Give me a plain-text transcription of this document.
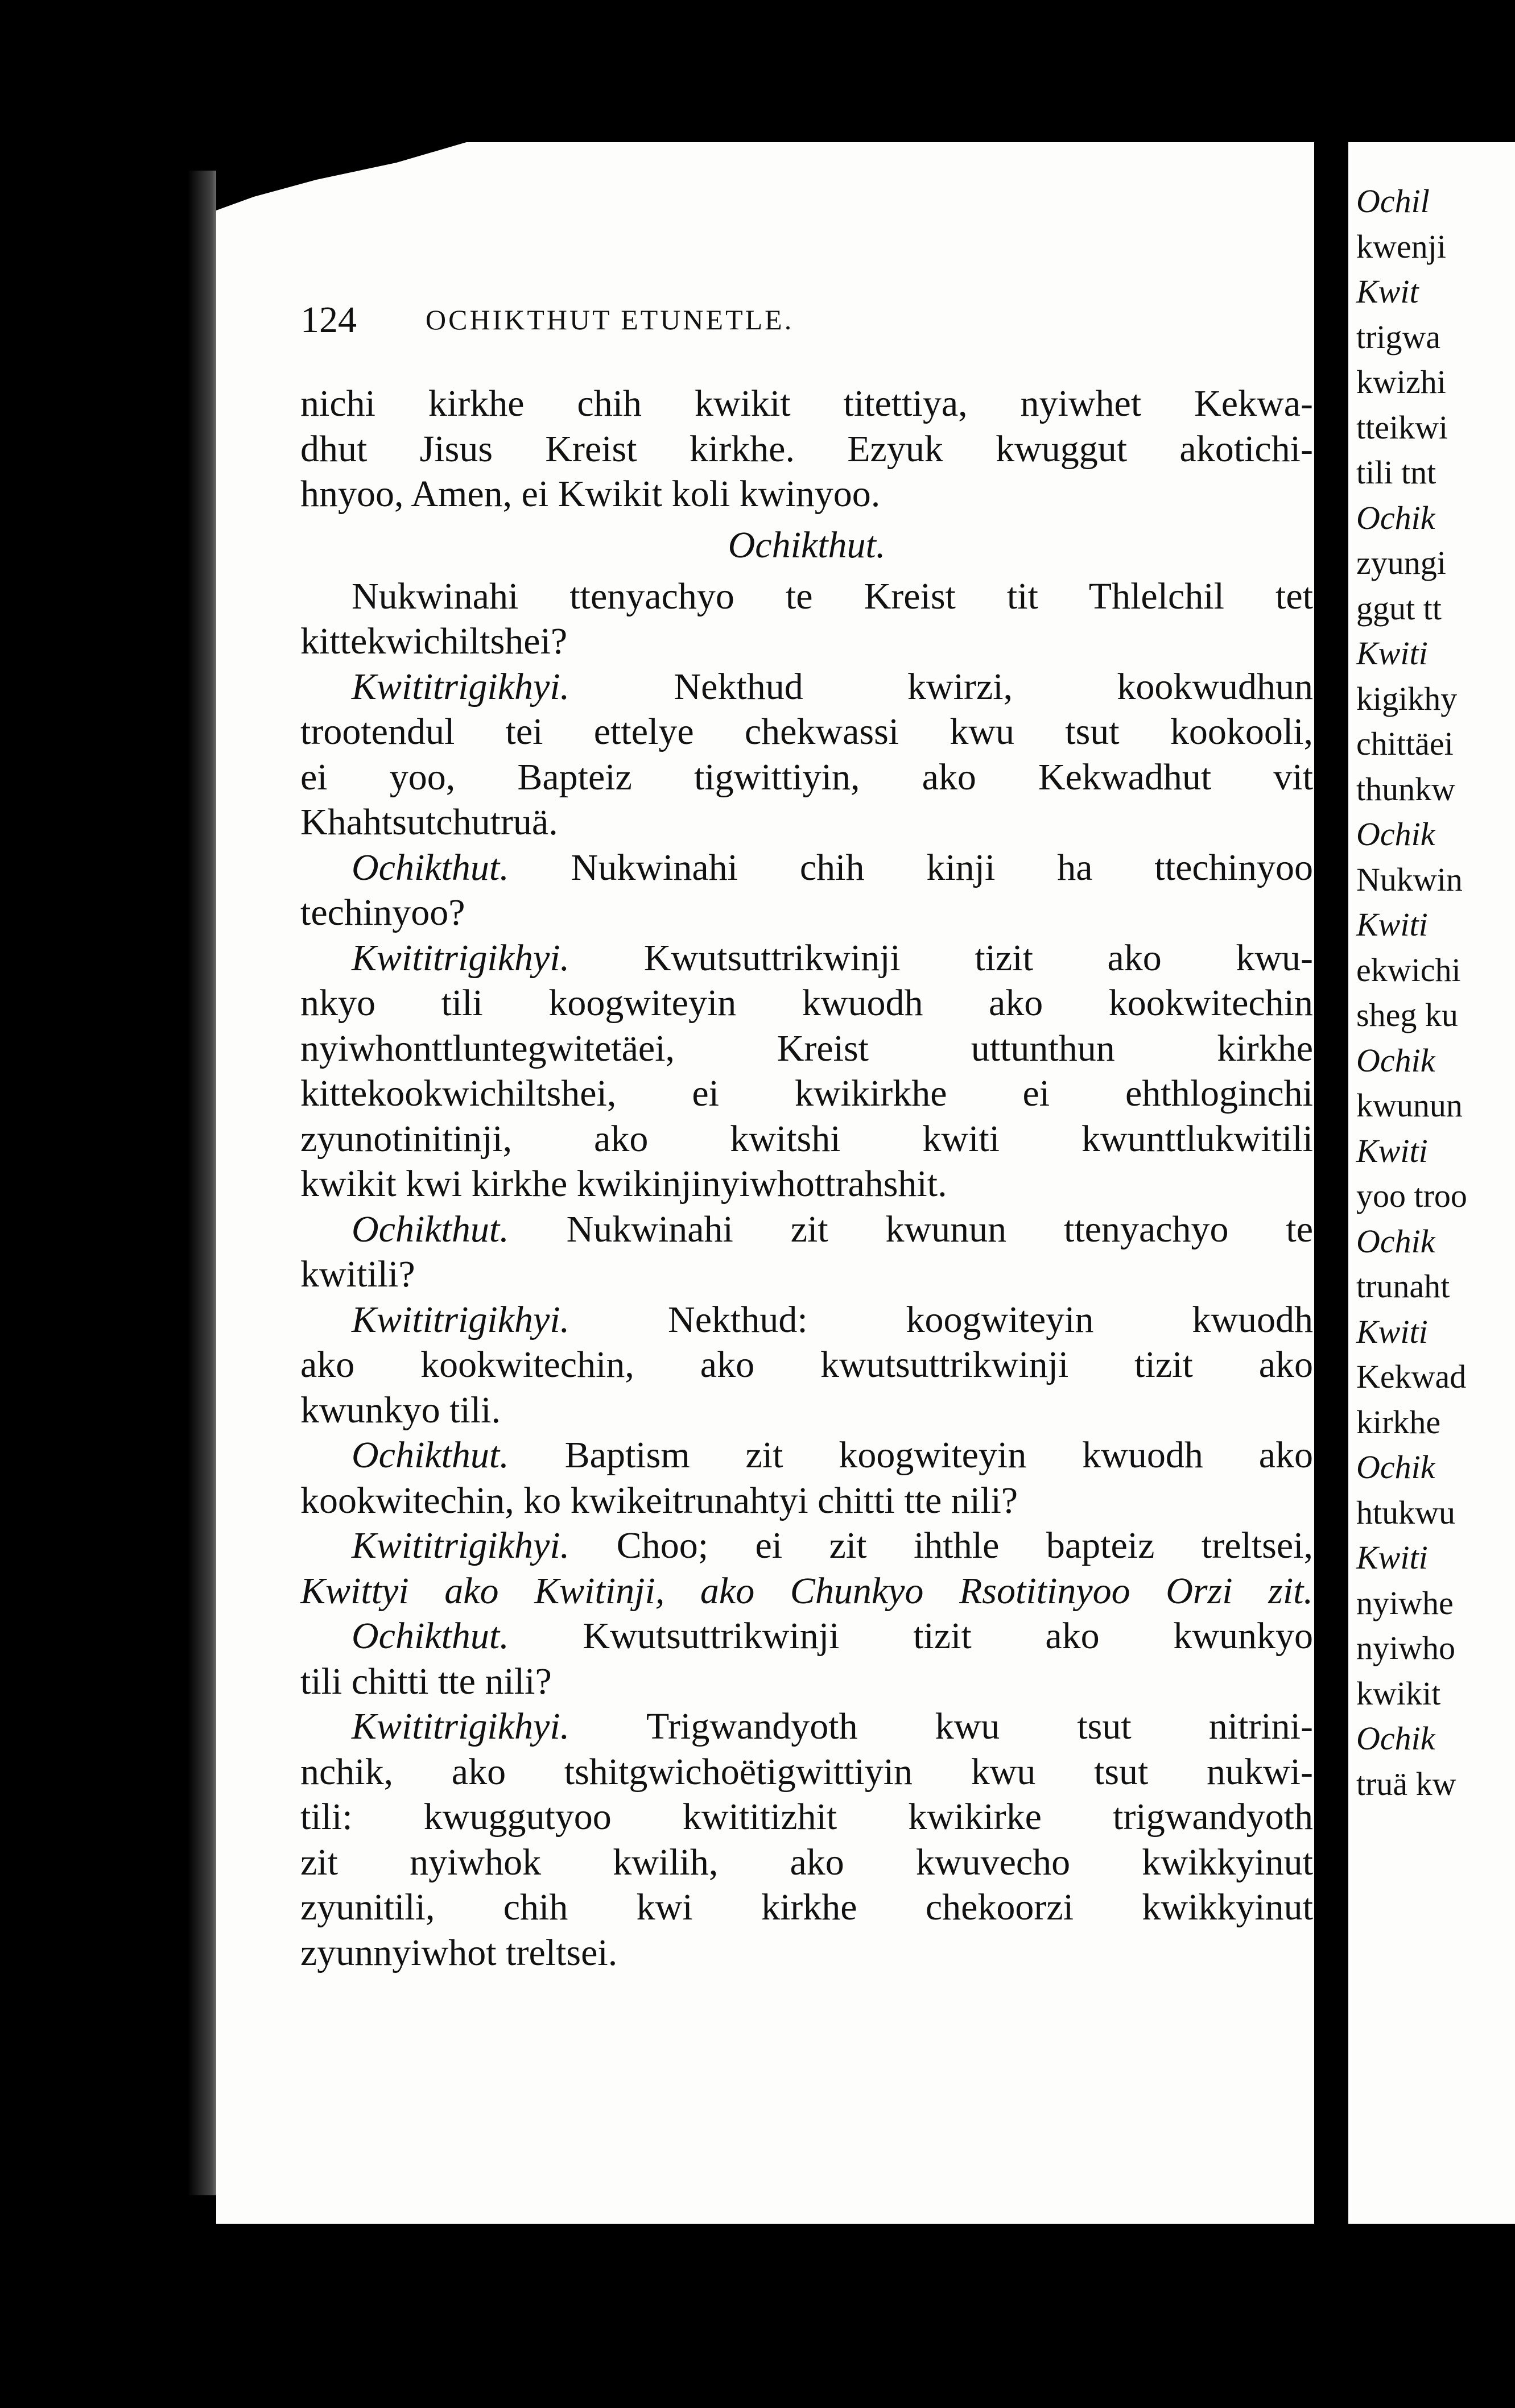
124 OCHIKTHUT ETUNETLE.
nichi kirkhe chih kwikit titettiya, nyiwhet Kekwa-
dhut Jisus Kreist kirkhe. Ezyuk kwuggut akotichi-
hnyoo, Amen, ei Kwikit koli kwinyoo.
Ochikthut.
Nukwinahi ttenyachyo te Kreist tit Thlelchil tet
kittekwichiltshei?
Kwititrigikhyi.	Nekthud kwirzi, kookwudhun
trootendul tei ettelye chekwassi kwu tsut kookooli,
ei yoo, Bapteiz tigwittiyin, ako Kekwadhut vit
Khahtsutchutruä.
Ochikthut. Nukwinahi chih kinji ha ttechinyoo
techinyoo?
Kwititrigikhyi. Kwutsuttrikwinji tizit ako kwu-
nkyo tili koogwiteyin kwuodh ako kookwitechin
nyiwhonttluntegwitetäei, Kreist uttunthun kirkhe
kittekookwichiltshei, ei kwikirkhe ei ehthloginchi
zyunotinitinji, ako kwitshi kwiti kwunttlukwitili
kwikit kwi kirkhe kwikinjinyiwhottrahshit.
Ochikthut. Nukwinahi zit kwunun ttenyachyo te
kwitili?
Kwititrigikhyi.	Nekthud: koogwiteyin kwuodh
ako kookwitechin, ako kwutsuttrikwinji tizit ako
kwunkyo tili.
Ochikthut. Baptism zit koogwiteyin kwuodh ako
kookwitechin, ko kwikeitrunahtyi chitti tte nili?
Kwititrigikhyi. Choo; ei zit ihthle bapteiz treltsei,
Kwittyi ako Kwitinji, ako Chunkyo Rsotitinyoo Orzi zit.
Ochikthut. Kwutsuttrikwinji tizit ako kwunkyo
tili chitti tte nili?
Kwititrigikhyi. Trigwandyoth kwu tsut nitrini-
nchik, ako tshitgwichoëtigwittiyin kwu tsut nukwi-
tili: kwuggutyoo kwititizhit kwikirke trigwandyoth
zit nyiwhok kwilih, ako kwuvecho kwikkyinut
zyunitili, chih kwi kirkhe chekoorzi kwikkyinut
zyunnyiwhot treltsei.
Ochil
kwenji
Kwit
trigwa
kwizhi
tteikwi
tili tnt
Ochik
zyungi
ggut tt
Kwiti
kigikhy
chittäei
thunkw
Ochik
Nukwin
Kwiti
ekwichi
sheg ku
Ochik
kwunun
Kwiti
yoo troo
Ochik
trunaht
Kwiti
Kekwad
kirkhe
Ochik
htukwu
Kwiti
nyiwhe
nyiwho
kwikit
Ochik
truä kw
